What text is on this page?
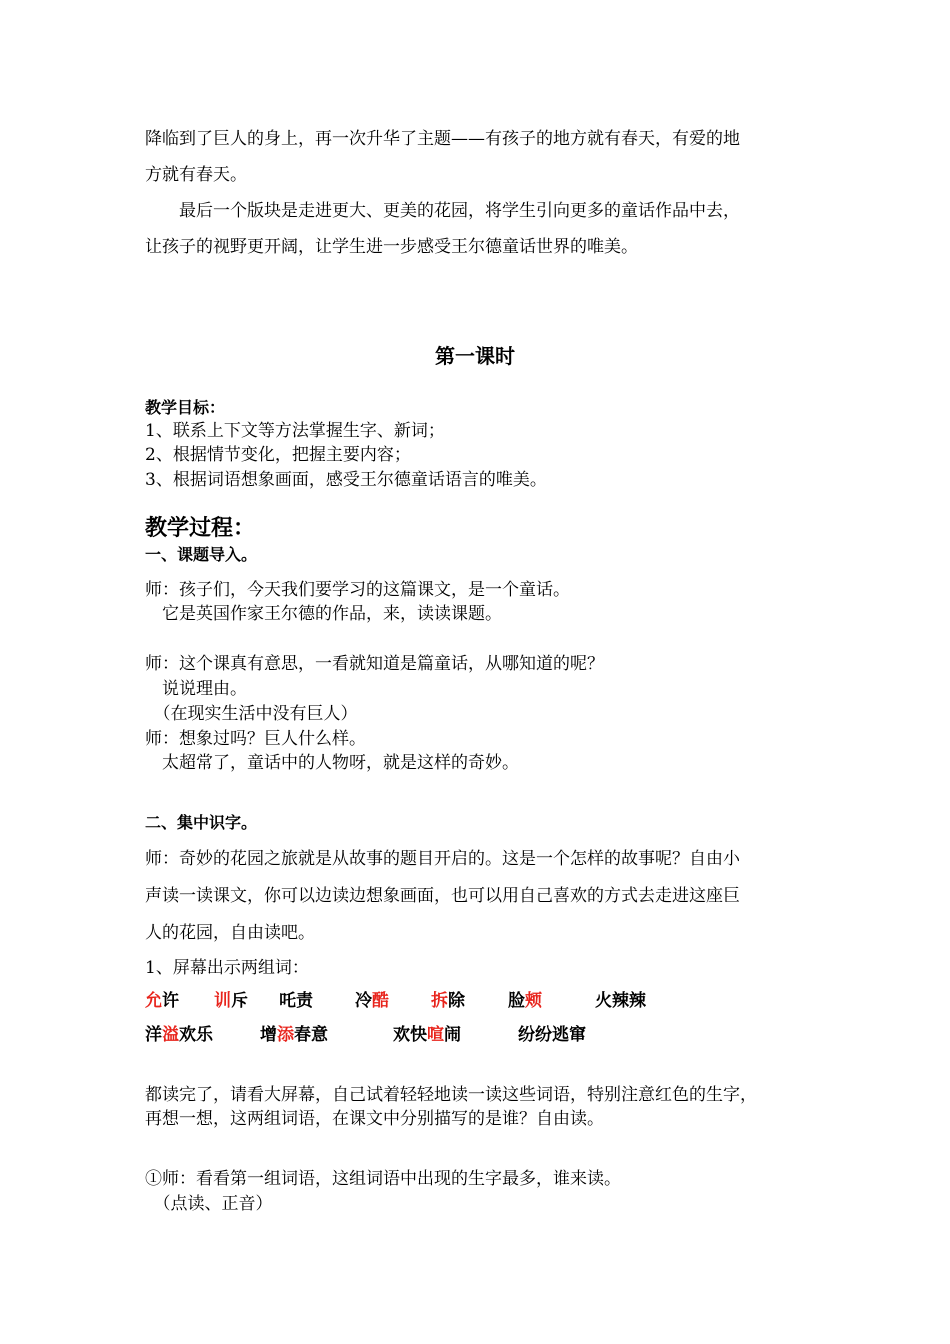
降临到了巨人的身上，再一次升华了主题——有孩子的地方就有春天，有爱的地
方就有春天。
　　最后一个版块是走进更大、更美的花园，将学生引向更多的童话作品中去，
让孩子的视野更开阔，让学生进一步感受王尔德童话世界的唯美。
第一课时
教学目标：
1、联系上下文等方法掌握生字、新词；
2、根据情节变化，把握主要内容；
3、根据词语想象画面，感受王尔德童话语言的唯美。
教学过程：
一、课题导入。
师：孩子们，今天我们要学习的这篇课文，是一个童话。
　它是英国作家王尔德的作品，来，读读课题。
师：这个课真有意思，一看就知道是篇童话，从哪知道的呢？
　说说理由。
　（在现实生活中没有巨人）
师：想象过吗？巨人什么样。
　太超常了，童话中的人物呀，就是这样的奇妙。
二、集中识字。
师：奇妙的花园之旅就是从故事的题目开启的。这是一个怎样的故事呢？自由小
声读一读课文，你可以边读边想象画面，也可以用自己喜欢的方式去走进这座巨
人的花园，自由读吧。
1、屏幕出示两组词：
允许 训斥 吒责 冷酷 拆除	脸颊	火辣辣
洋溢欢乐	增添春意	欢快喧闹	纷纷逃窜
都读完了，请看大屏幕，自己试着轻轻地读一读这些词语，特别注意红色的生字，
再想一想，这两组词语，在课文中分别描写的是谁？自由读。
①师：看看第一组词语，这组词语中出现的生字最多，谁来读。
　（点读、正音）
